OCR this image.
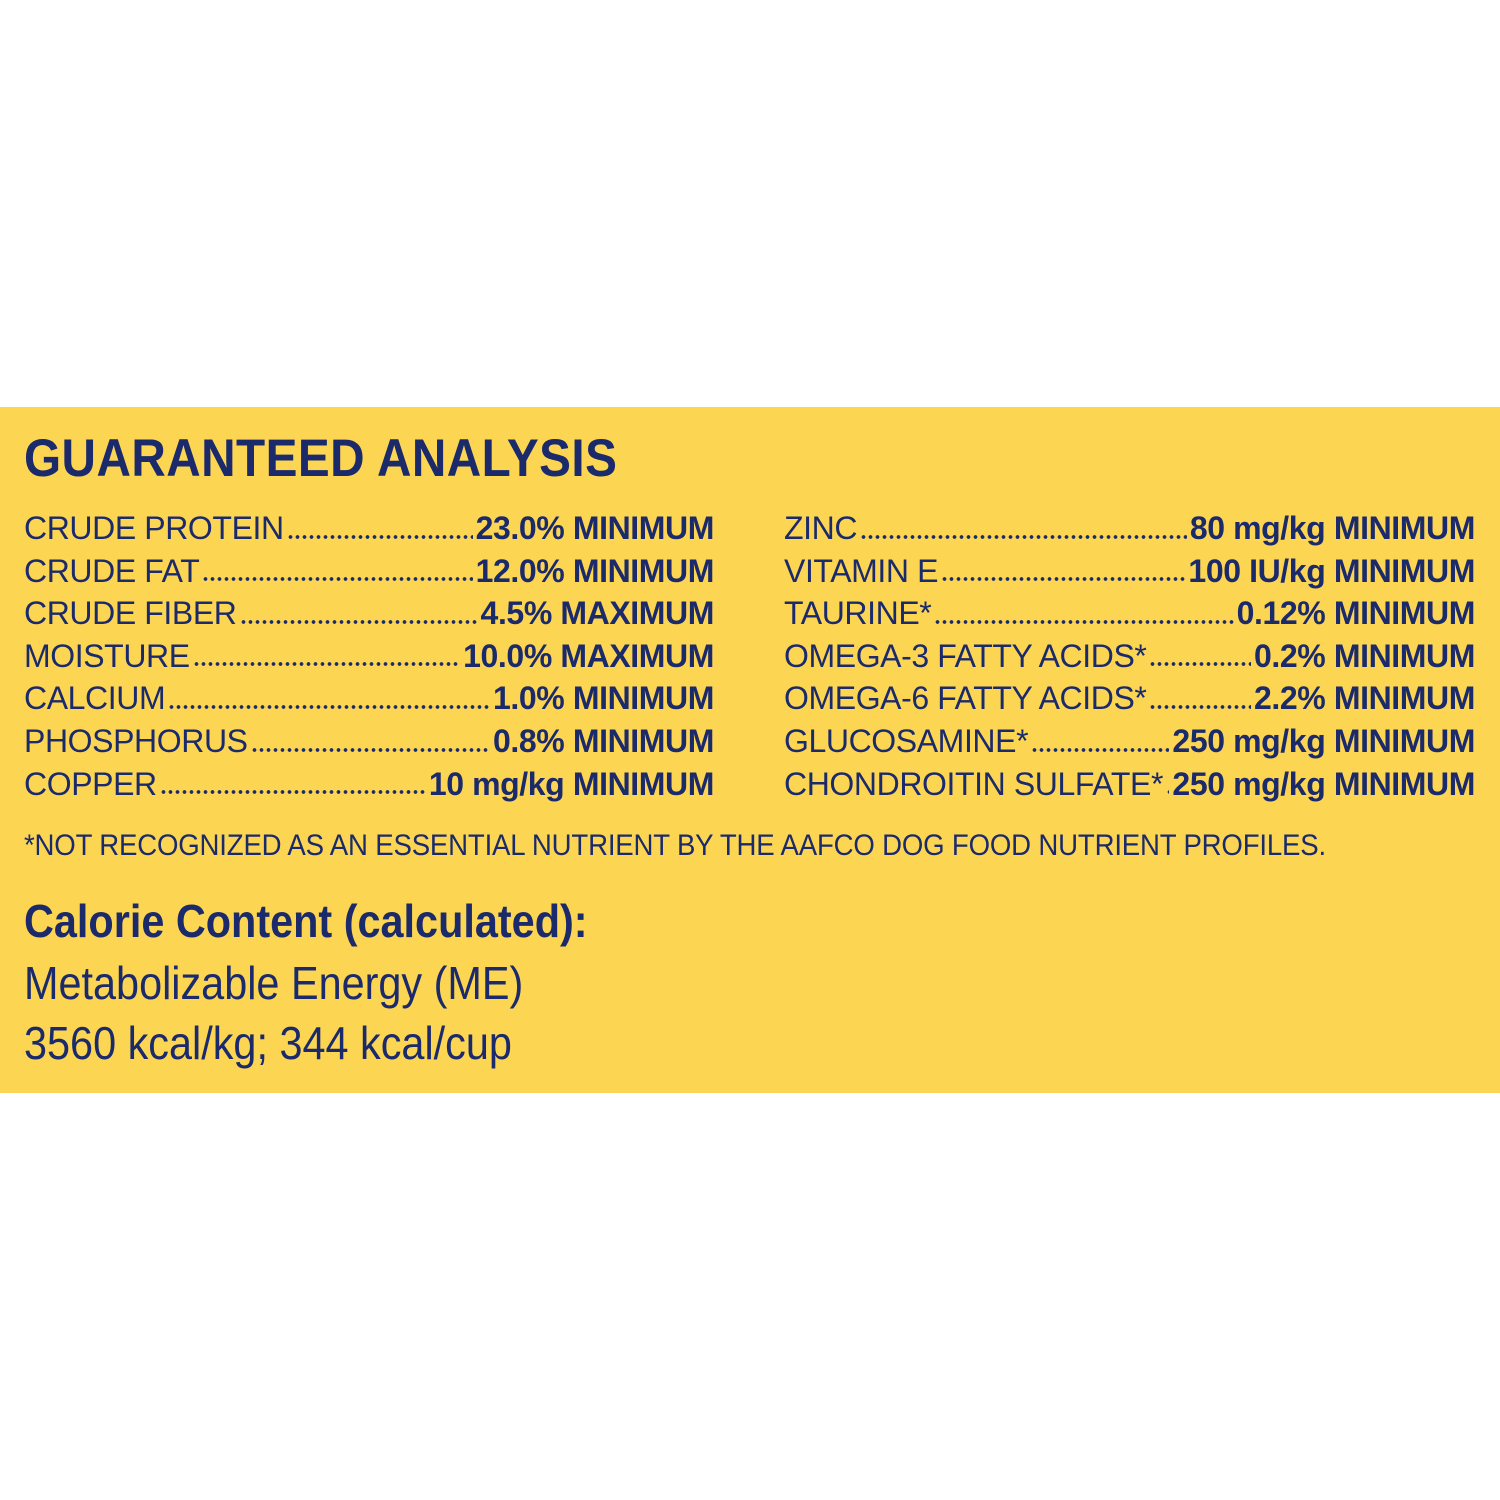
GUARANTEED ANALYSIS
CRUDE PROTEIN	23.0% MINIMUM
CRUDE FAT	12.0% MINIMUM
CRUDE FIBER	4.5% MAXIMUM
MOISTURE	10.0% MAXIMUM
CALCIUM	1.0% MINIMUM
PHOSPHORUS	0.8% MINIMUM
COPPER	10 mg/kg MINIMUM
ZINC	80 mg/kg MINIMUM
VITAMIN E	100 IU/kg MINIMUM
TAURINE*	0.12% MINIMUM
OMEGA-3 FATTY ACIDS*	0.2% MINIMUM
OMEGA-6 FATTY ACIDS*	2.2% MINIMUM
GLUCOSAMINE*	250 mg/kg MINIMUM
CHONDROITIN SULFATE* 250 mg/kg MINIMUM

*NOT RECOGNIZED AS AN ESSENTIAL NUTRIENT BY THE AAFCO DOG FOOD NUTRIENT PROFILES.

Calorie Content (calculated):

Metabolizable Energy (ME)

3560 kcal/kg; 344 kcal/cup
